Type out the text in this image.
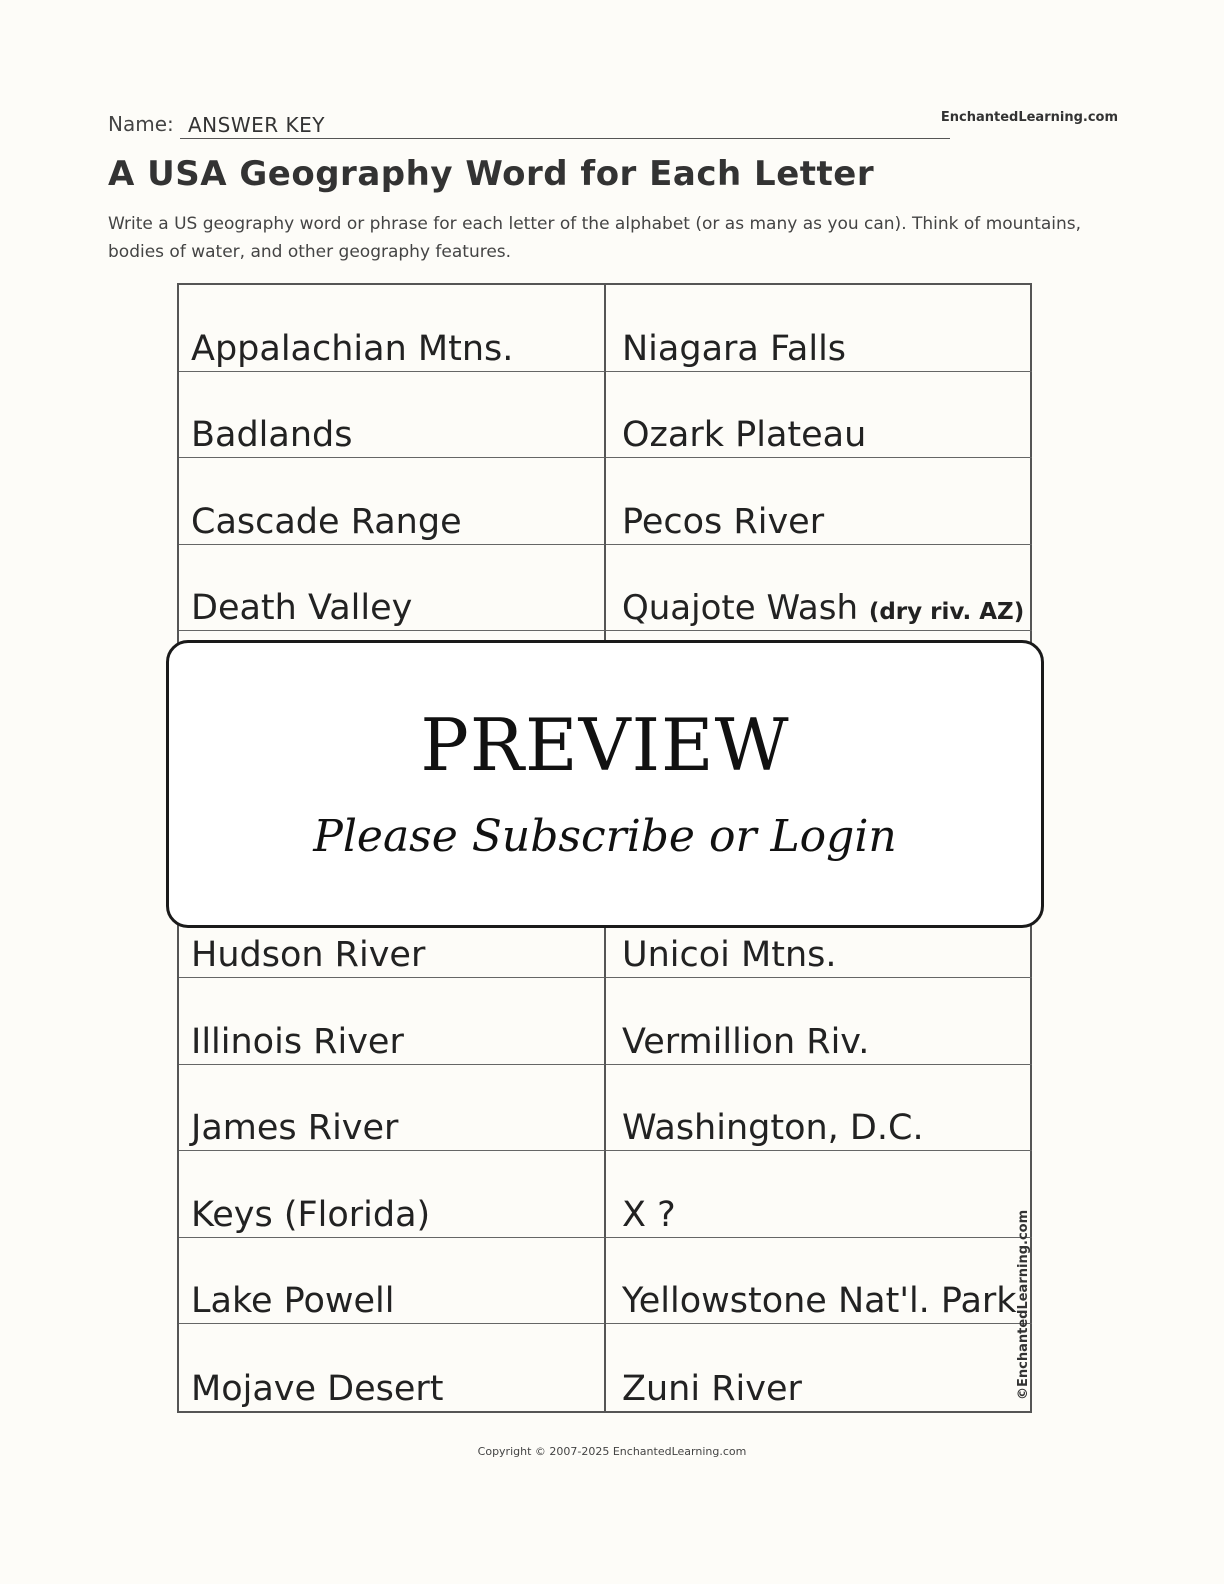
Name: ANSWER KEY	EnchantedLearning.com
A USA Geography Word for Each Letter

Write a US geography word or phrase for each letter of the alphabet (or as many as you can). Think of mountains, bodies of water, and other geography features.

Appalachian Mtns.	Niagara Falls
Badlands	Ozark Plateau
Cascade Range	Pecos River
Death Valley	Quajote Wash (dry riv. AZ)
Hudson River	Unicoi Mtns.
Illinois River	Vermillion Riv.
James River	Washington, D.C.
Keys (Florida)	X ?
Lake Powell	Yellowstone Nat'l. Park
Mojave Desert	Zuni River	©EnchantedLearning.com
PREVIEW
Please Subscribe or Login
Copyright © 2007-2025 EnchantedLearning.com
